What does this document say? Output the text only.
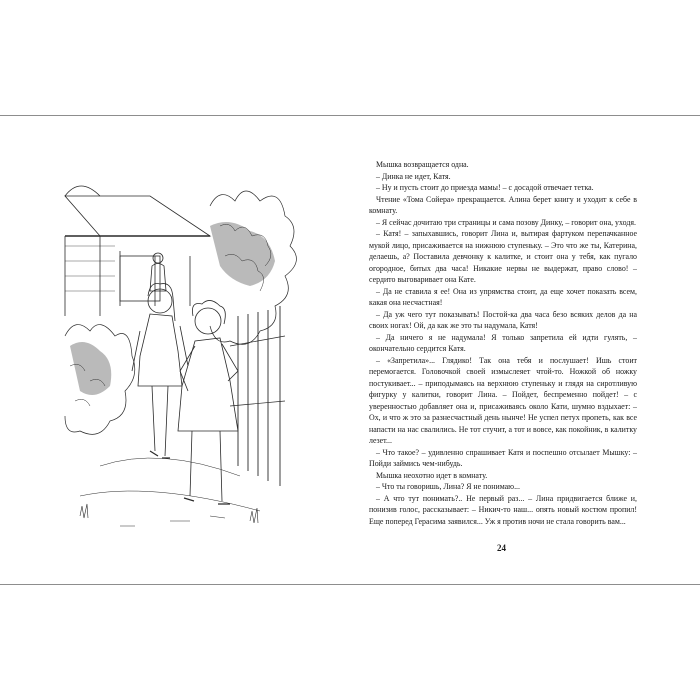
Мышка возвращается одна.

– Динка не идет, Катя.

– Ну и пусть стоит до приезда мамы! – с досадой отвечает тетка.

Чтение «Тома Сойера» прекращается. Алина берет книгу и уходит к себе в комнату.

– Я сейчас дочитаю три страницы и сама позову Динку, – говорит она, уходя.

– Катя! – запыхавшись, говорит Лина и, вытирая фартуком перепачканное мукой лицо, присаживается на нижнюю ступеньку. – Это что же ты, Катерина, делаешь, а? Поставила девчонку к калитке, и стоит она у тебя, как пугало огородное, битых два часа! Никакие нервы не выдержат, право слово! – сердито выговаривает она Кате.

– Да не ставила я ее! Она из упрямства стоит, да еще хочет показать всем, какая она несчастная!

– Да уж чего тут показывать! Постой-ка два часа безо всяких делов да на своих ногах! Ой, да как же это ты надумала, Катя!

– Да ничего я не надумала! Я только запретила ей идти гулять, – окончательно сердится Катя.

– «Запретила»... Глядико! Так она тебя и послушает! Ишь стоит перемогается. Головочкой своей измыслеяет чтой-то. Ножкой об ножку постукивает... – приподымаясь на верхнюю ступеньку и глядя на сиротливую фигурку у калитки, говорит Лина. – Пойдет, беспременно пойдет! – с уверенностью добавляет она и, присаживаясь около Кати, шумно вздыхает: – Ох, и что ж это за разнесчастный день нынче! Не успел петух пропеть, как все напасти на нас свалились. Не тот стучит, а тот и вовсе, как покойник, в калитку лезет...

– Что такое? – удивленно спрашивает Катя и поспешно отсылает Мышку: – Пойди займись чем-нибудь.

Мышка неохотно идет в комнату.

– Что ты говоришь, Лина? Я не понимаю...

– А что тут понимать?.. Не первый раз... – Лина придвигается ближе и, понизив голос, рассказывает: – Никич-то наш... опять новый костюм пропил! Еще поперед Герасима заявился... Уж я против ночи не стала говорить вам...

24
